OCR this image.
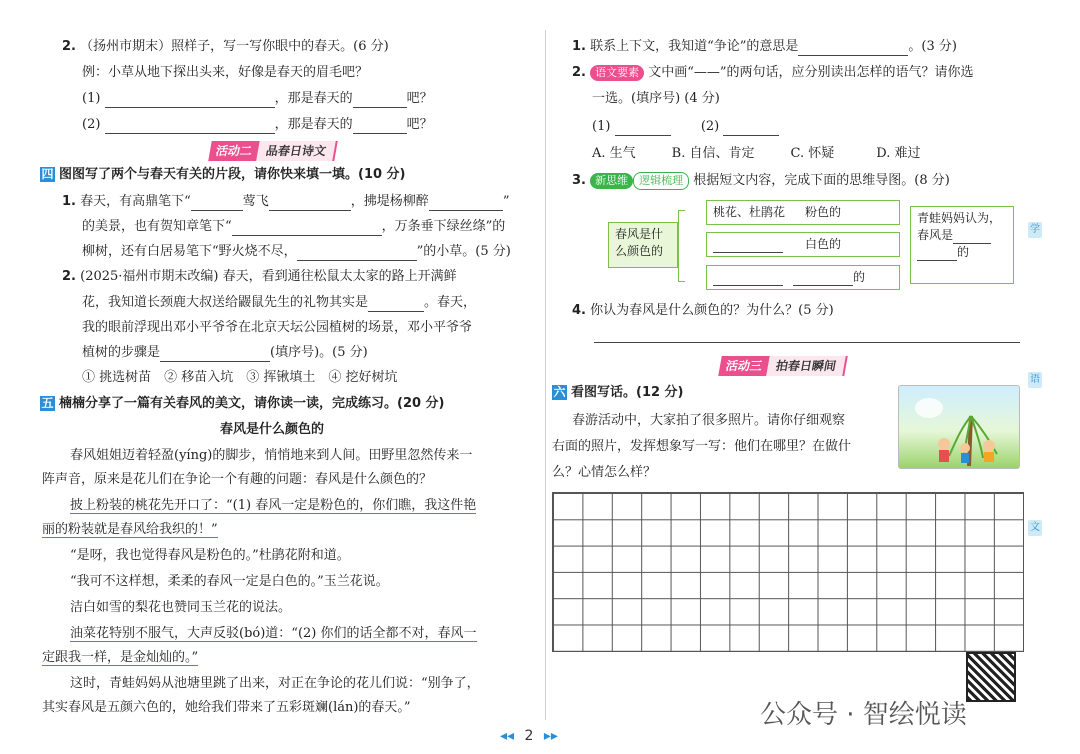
2. （扬州市期末）照样子，写一写你眼中的春天。(6 分)
例：小草从地下探出头来，好像是春天的眉毛吧？
(1)	，那是春天的	吧？
(2)	，那是春天的	吧？
活动二 品春日诗文
四 图图写了两个与春天有关的片段，请你快来填一填。(10 分)
1. 春天，有高鼎笔下“	莺飞	，拂堤杨柳醉	”
的美景，也有贺知章笔下“	，万条垂下绿丝绦”的
柳树，还有白居易笔下“野火烧不尽，	”的小草。(5 分)
2. (2025·福州市期末改编) 春天，看到通往松鼠太太家的路上开满鲜
花，我知道长颈鹿大叔送给鼹鼠先生的礼物其实是	。春天，
我的眼前浮现出邓小平爷爷在北京天坛公园植树的场景，邓小平爷爷
植树的步骤是	(填序号)。(5 分)
① 挑选树苗　② 移苗入坑　③ 挥锹填土　④ 挖好树坑
五 楠楠分享了一篇有关春风的美文，请你读一读，完成练习。(20 分)
春风是什么颜色的
春风姐姐迈着轻盈(yíng)的脚步，悄悄地来到人间。田野里忽然传来一
阵声音，原来是花儿们在争论一个有趣的问题：春风是什么颜色的？
披上粉装的桃花先开口了：“(1) 春风一定是粉色的，你们瞧，我这件艳
丽的粉装就是春风给我织的！”
“是呀，我也觉得春风是粉色的。”杜鹃花附和道。
“我可不这样想，柔柔的春风一定是白色的。”玉兰花说。
洁白如雪的梨花也赞同玉兰花的说法。
油菜花特别不服气，大声反驳(bó)道：“(2) 你们的话全都不对，春风一
定跟我一样，是金灿灿的。”
这时，青蛙妈妈从池塘里跳了出来，对正在争论的花儿们说：“别争了，
其实春风是五颜六色的，她给我们带来了五彩斑斓(lán)的春天。”
1. 联系上下文，我知道“争论”的意思是	。(3 分)
2. 语文要素 文中画“——”的两句话，应分别读出怎样的语气？请你选
一选。(填序号) (4 分)
(1)	(2)
A. 生气	B. 自信、肯定	C. 怀疑	D. 难过
3. 新思维 逻辑梳理 根据短文内容，完成下面的思维导图。(8 分)
春风是什么颜色的
桃花、杜鹃花 粉色的
白色的
的
青蛙妈妈认为，
春风是
的
4. 你认为春风是什么颜色的？为什么？(5 分)
活动三 拍春日瞬间
六 看图写话。(12 分)
春游活动中，大家拍了很多照片。请你仔细观察
右面的照片，发挥想象写一写：他们在哪里？在做什
么？心情怎么样？
学
语
文
公众号 · 智绘悦读
◂◂ 2 ▸▸
